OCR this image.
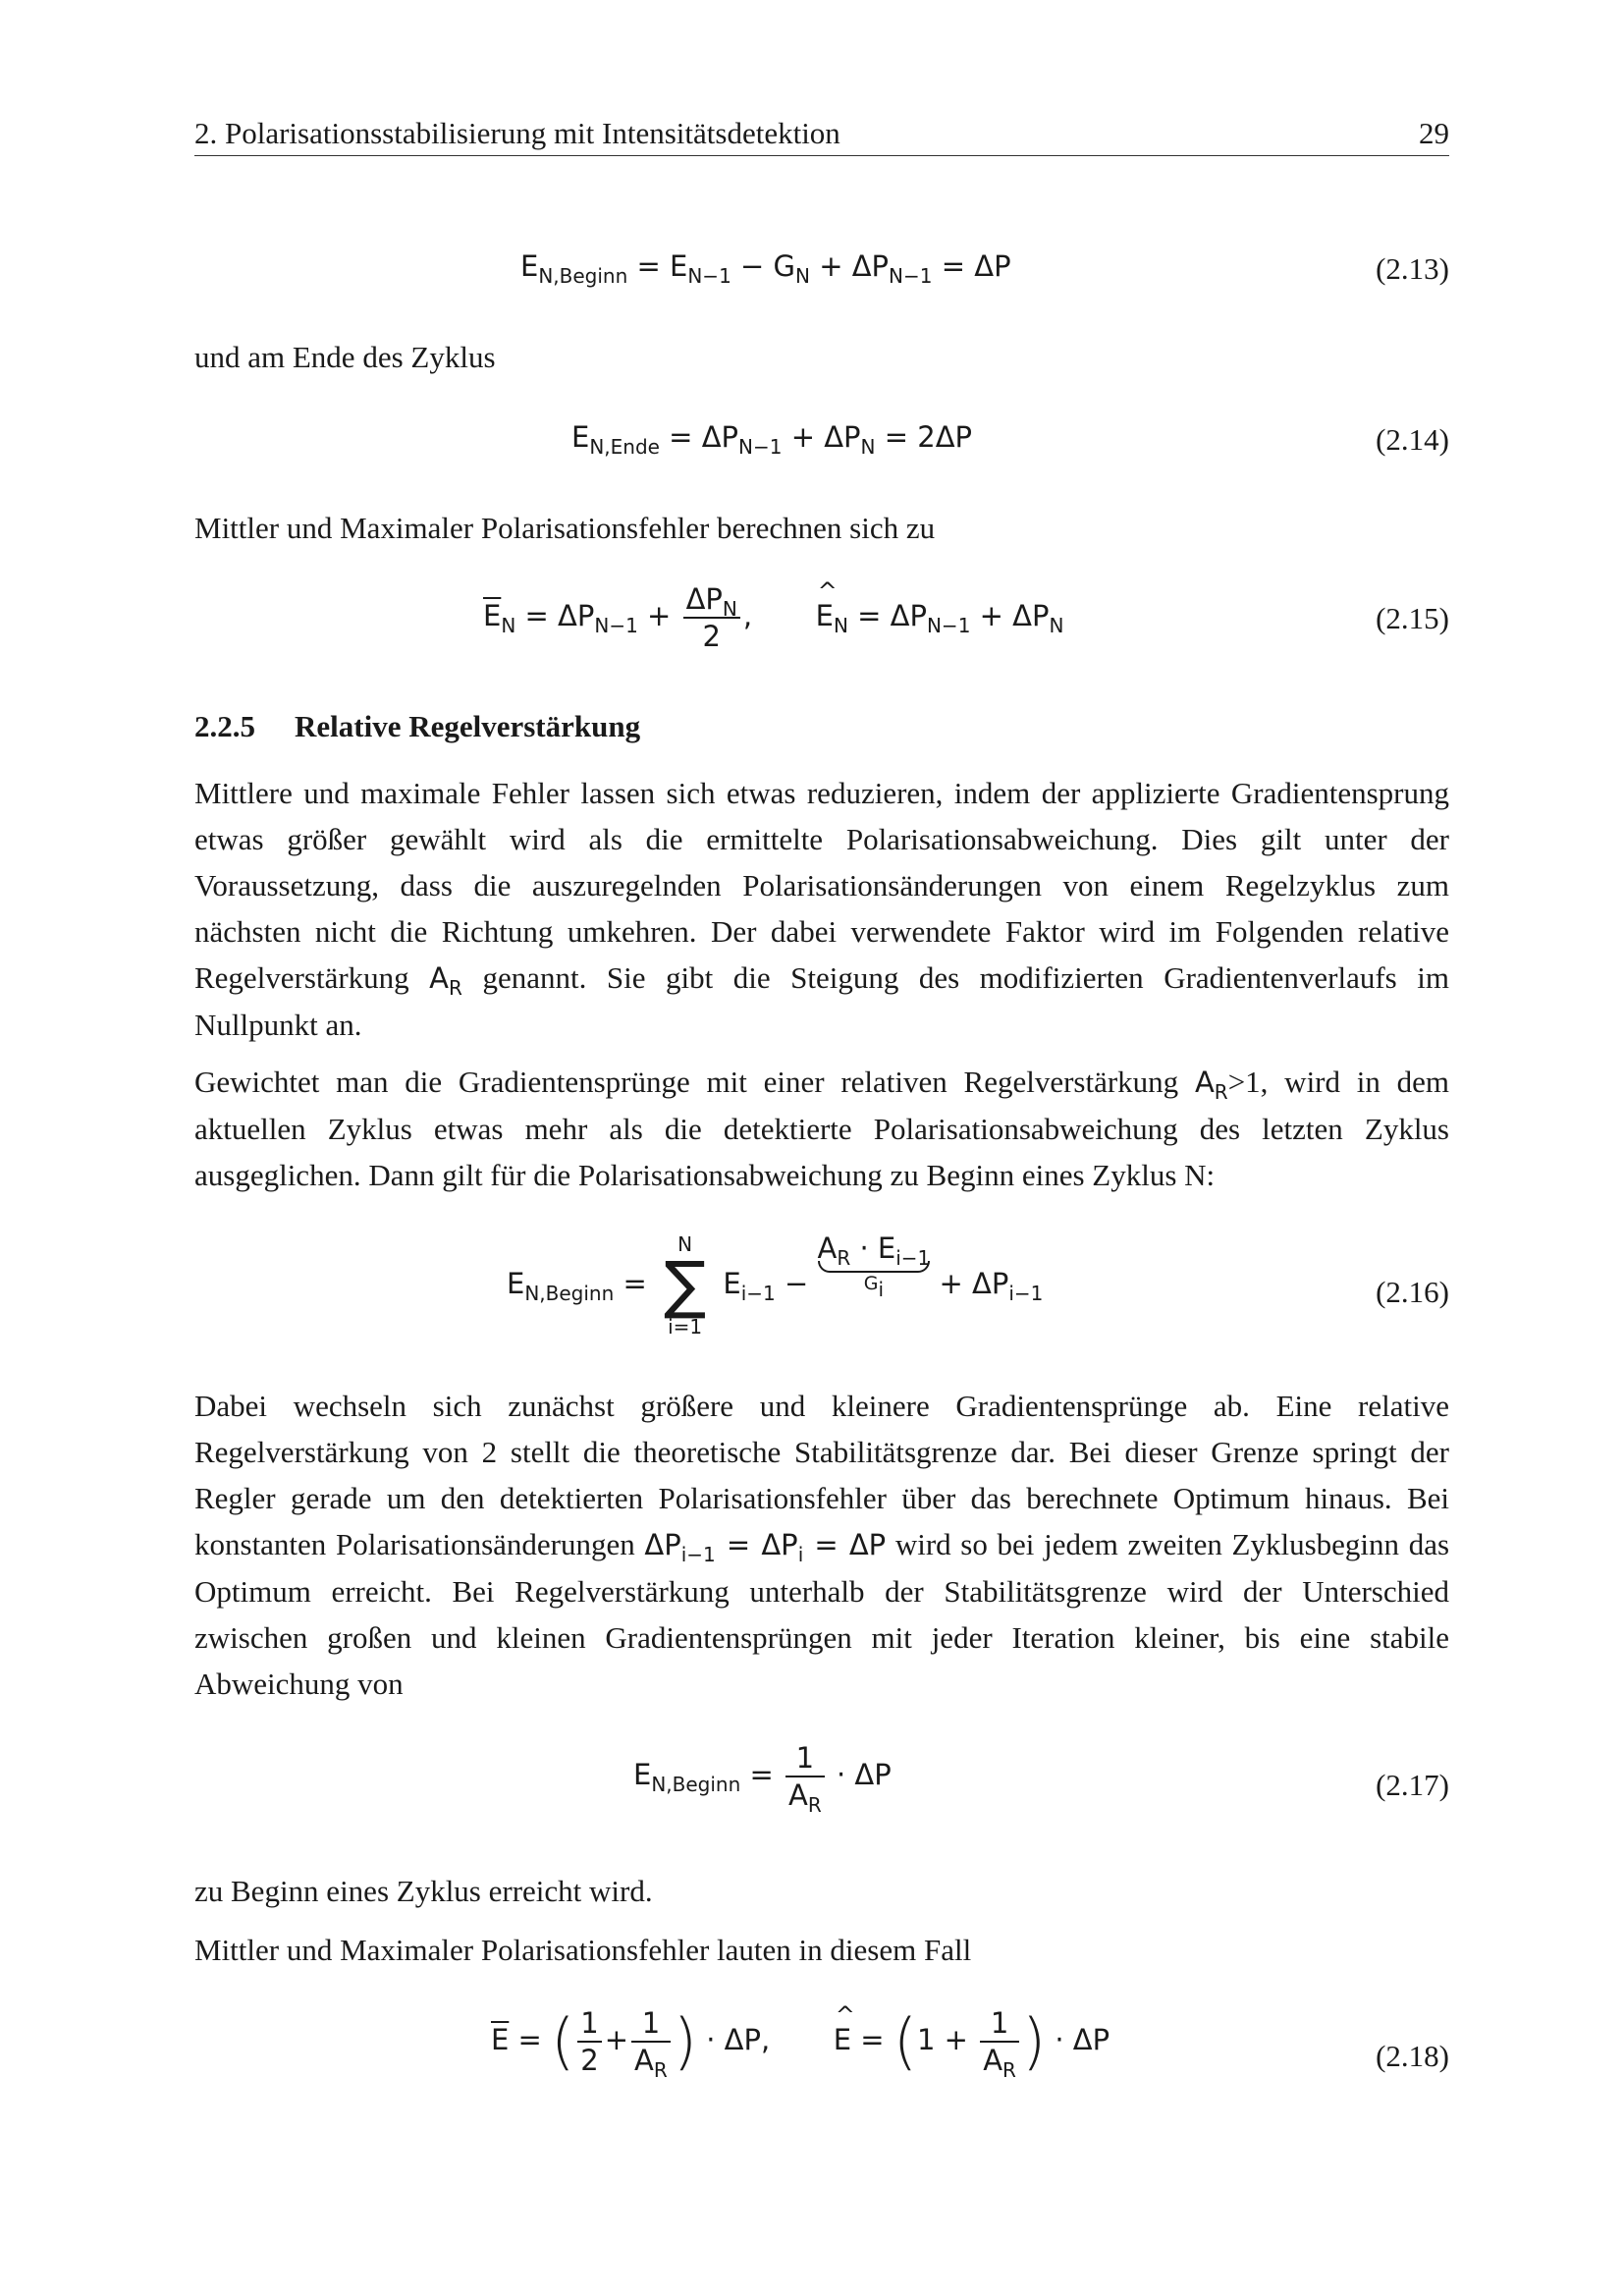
2. Polarisationsstabilisierung mit Intensitätsdetektion	29
$E_{N,Beginn} = E_{N-1} - G_N + \Delta P_{N-1} = \Delta P$	(2.13)
und am Ende des Zyklus
$E_{N,Ende} = \Delta P_{N-1} + \Delta P_N = 2\Delta P$	(2.14)
Mittler und Maximaler Polarisationsfehler berechnen sich zu
$\overline{E}_N = \Delta P_{N-1} + \frac{\Delta P_N}{2}$ ,       ^ $E_N = \Delta P_{N-1} + \Delta P_N$	(2.15)
2.2.5 Relative Regelverstärkung
Mittlere und maximale Fehler lassen sich etwas reduzieren, indem der applizierte Gradientensprung etwas größer gewählt wird als die ermittelte Polarisationsabweichung. Dies gilt unter der Voraussetzung, dass die auszuregelnden Polarisationsänderungen von einem Regelzyklus zum nächsten nicht die Richtung umkehren. Der dabei verwendete Faktor wird im Folgenden relative Regelverstärkung $A_R$ genannt. Sie gibt die Steigung des modifizierten Gradientenverlaufs im Nullpunkt an.
Gewichtet man die Gradientensprünge mit einer relativen Regelverstärkung $A_R>1$, wird in dem aktuellen Zyklus etwas mehr als die detektierte Polarisationsabweichung des letzten Zyklus ausgeglichen. Dann gilt für die Polarisationsabweichung zu Beginn eines Zyklus N:
$E_{N,Beginn}$ =
N
∑
i=1
$E_{i-1}$ −
$A_R \cdot E_{i-1}$
$G_i$	+ $\Delta P_{i-1}$	(2.16)
Dabei wechseln sich zunächst größere und kleinere Gradientensprünge ab. Eine relative Regelverstärkung von 2 stellt die theoretische Stabilitätsgrenze dar. Bei dieser Grenze springt der Regler gerade um den detektierten Polarisationsfehler über das berechnete Optimum hinaus. Bei konstanten Polarisationsänderungen $\Delta P_{i-1} = \Delta P_i = \Delta P$ wird so bei jedem zweiten Zyklusbeginn das Optimum erreicht. Bei Regelverstärkung unterhalb der Stabilitätsgrenze wird der Unterschied zwischen großen und kleinen Gradientensprüngen mit jeder Iteration kleiner, bis eine stabile Abweichung von
$E_{N,Beginn} = \frac{1}{A_R} \cdot \Delta P$	(2.17)
zu Beginn eines Zyklus erreicht wird.
Mittler und Maximaler Polarisationsfehler lauten in diesem Fall
$\overline{E}$ = ( $\frac{1}{2} + \frac{1}{A_R}$ ) · ΔP,       ^ $E = (1 + \frac{1}{A_R}$ ) · ΔP	(2.18)
